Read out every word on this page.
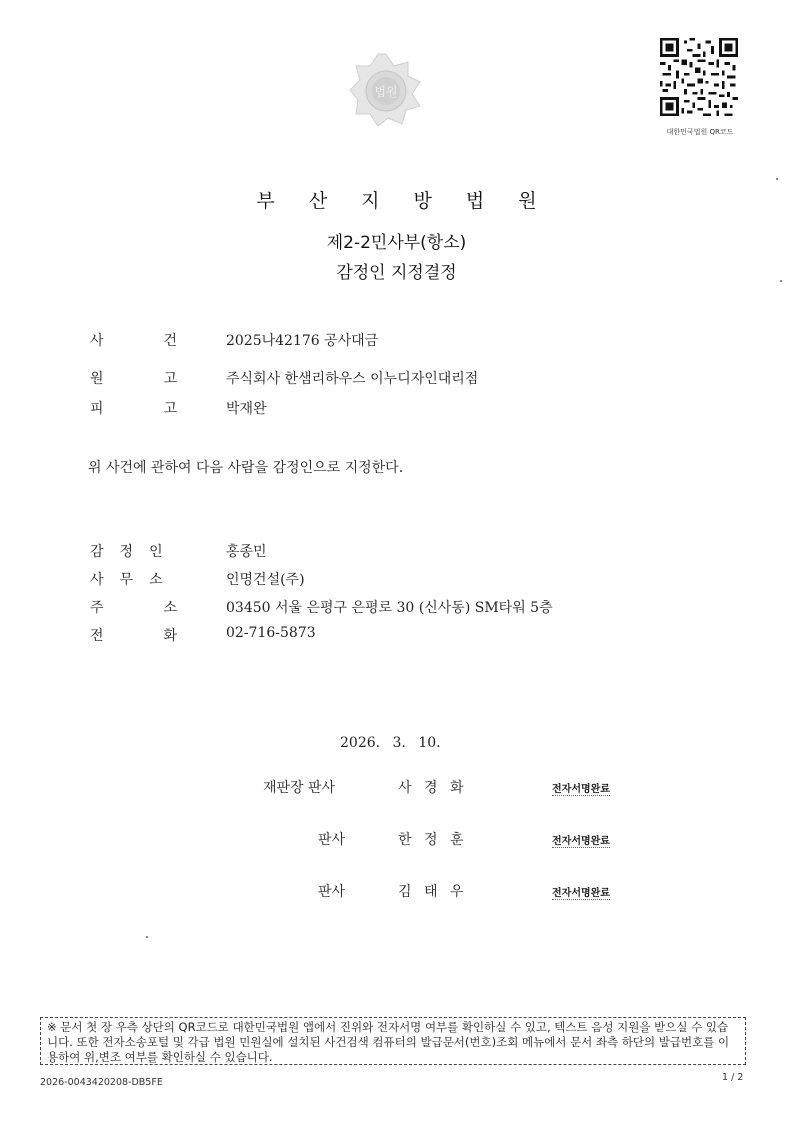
법원
대한민국법원 QR코드
부 산 지 방 법 원
제2-2민사부(항소)
감정인 지정결정
사	건	2025나42176 공사대금
원	고	주식회사 한샘리하우스 이누디자인대리점
피	고	박재완
위 사건에 관하여 다음 사람을 감정인으로 지정한다.
감 정 인	홍종민
사 무 소	인명건설(주)
주	소	03450 서울 은평구 은평로 30 (신사동) SM타워 5층
전	화	02-716-5873
2026. 3. 10.
재판장 판사	사 경 화	전자서명완료
판사	한 정 훈	전자서명완료
판사	김 태 우	전자서명완료
※ 문서 첫 장 우측 상단의 QR코드로 대한민국법원 앱에서 진위와 전자서명 여부를 확인하실 수 있고, 텍스트 음성 지원을 받으실 수 있습니다. 또한 전자소송포털 및 각급 법원 민원실에 설치된 사건검색 컴퓨터의 발급문서(번호)조회 메뉴에서 문서 좌측 하단의 발급번호를 이용하여 위,변조 여부를 확인하실 수 있습니다.
2026-0043420208-DB5FE	1 / 2
